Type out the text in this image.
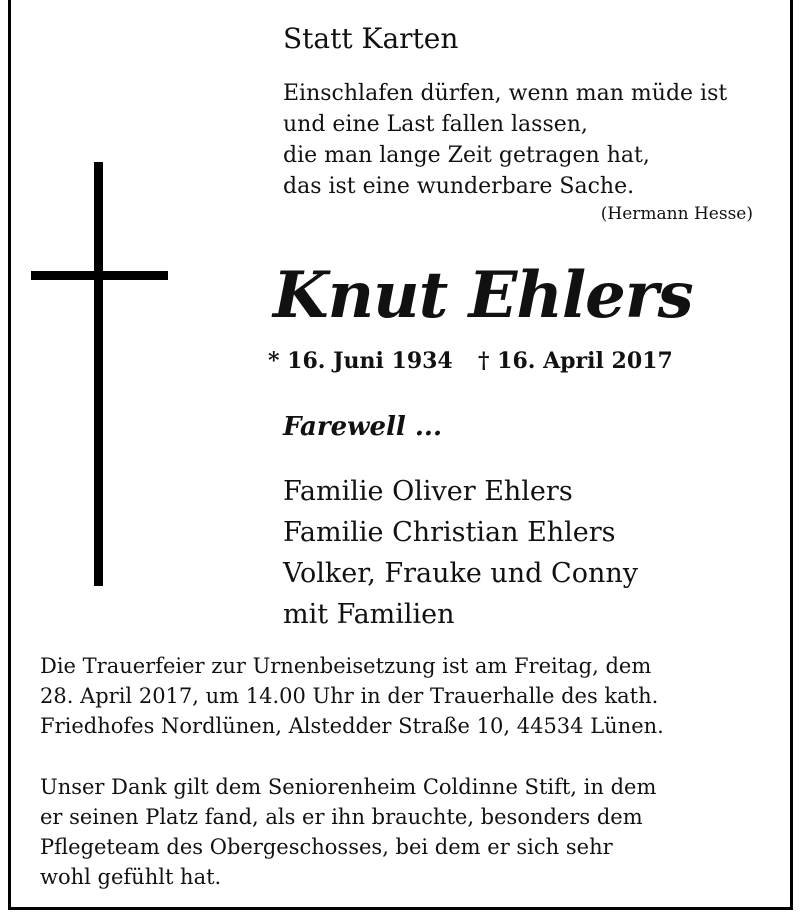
Statt Karten
Einschlafen dürfen, wenn man müde ist
und eine Last fallen lassen,
die man lange Zeit getragen hat,
das ist eine wunderbare Sache.
(Hermann Hesse)
Knut Ehlers
* 16. Juni 1934 † 16. April 2017
Farewell ...
Familie Oliver Ehlers
Familie Christian Ehlers
Volker, Frauke und Conny
mit Familien
Die Trauerfeier zur Urnenbeisetzung ist am Freitag, dem
28. April 2017, um 14.00 Uhr in der Trauerhalle des kath.
Friedhofes Nordlünen, Alstedder Straße 10, 44534 Lünen.
Unser Dank gilt dem Seniorenheim Coldinne Stift, in dem
er seinen Platz fand, als er ihn brauchte, besonders dem
Pflegeteam des Obergeschosses, bei dem er sich sehr
wohl gefühlt hat.
